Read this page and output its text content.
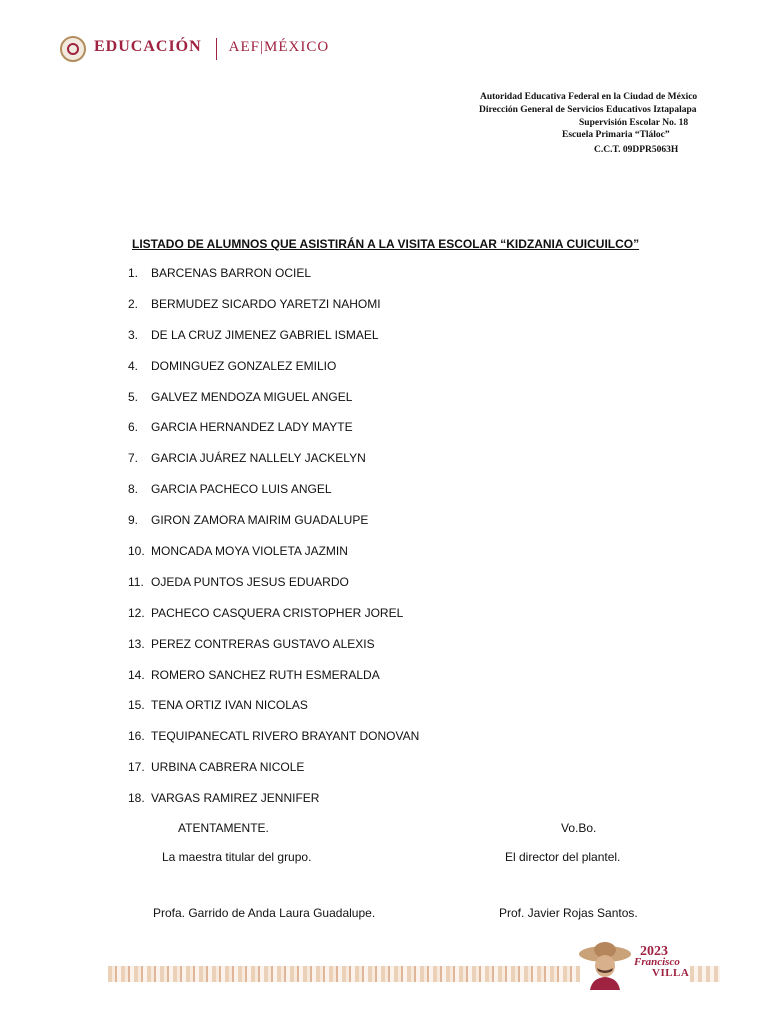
EDUCACIÓN AEF|MÉXICO
Autoridad Educativa Federal en la Ciudad de México
Dirección General de Servicios Educativos Iztapalapa
Supervisión Escolar No. 18
Escuela Primaria “Tláloc”
C.C.T. 09DPR5063H
LISTADO DE ALUMNOS QUE ASISTIRÁN A LA VISITA ESCOLAR “KIDZANIA CUICUILCO”
1.	BARCENAS BARRON OCIEL
2.	BERMUDEZ SICARDO YARETZI NAHOMI
3.	DE LA CRUZ JIMENEZ GABRIEL ISMAEL
4.	DOMINGUEZ GONZALEZ EMILIO
5.	GALVEZ MENDOZA MIGUEL ANGEL
6.	GARCIA HERNANDEZ LADY MAYTE
7.	GARCIA JUÁREZ NALLELY JACKELYN
8.	GARCIA PACHECO LUIS ANGEL
9.	GIRON ZAMORA MAIRIM GUADALUPE
10. MONCADA MOYA VIOLETA JAZMIN
11. OJEDA PUNTOS JESUS EDUARDO
12. PACHECO CASQUERA CRISTOPHER JOREL
13. PEREZ CONTRERAS GUSTAVO ALEXIS
14. ROMERO SANCHEZ RUTH ESMERALDA
15. TENA ORTIZ IVAN NICOLAS
16. TEQUIPANECATL RIVERO BRAYANT DONOVAN
17. URBINA CABRERA NICOLE
18. VARGAS RAMIREZ JENNIFER
ATENTAMENTE.	Vo.Bo.
La maestra titular del grupo.	El director del plantel.
Profa. Garrido de Anda Laura Guadalupe.	Prof. Javier Rojas Santos.
2023
Francisco
VILLA
